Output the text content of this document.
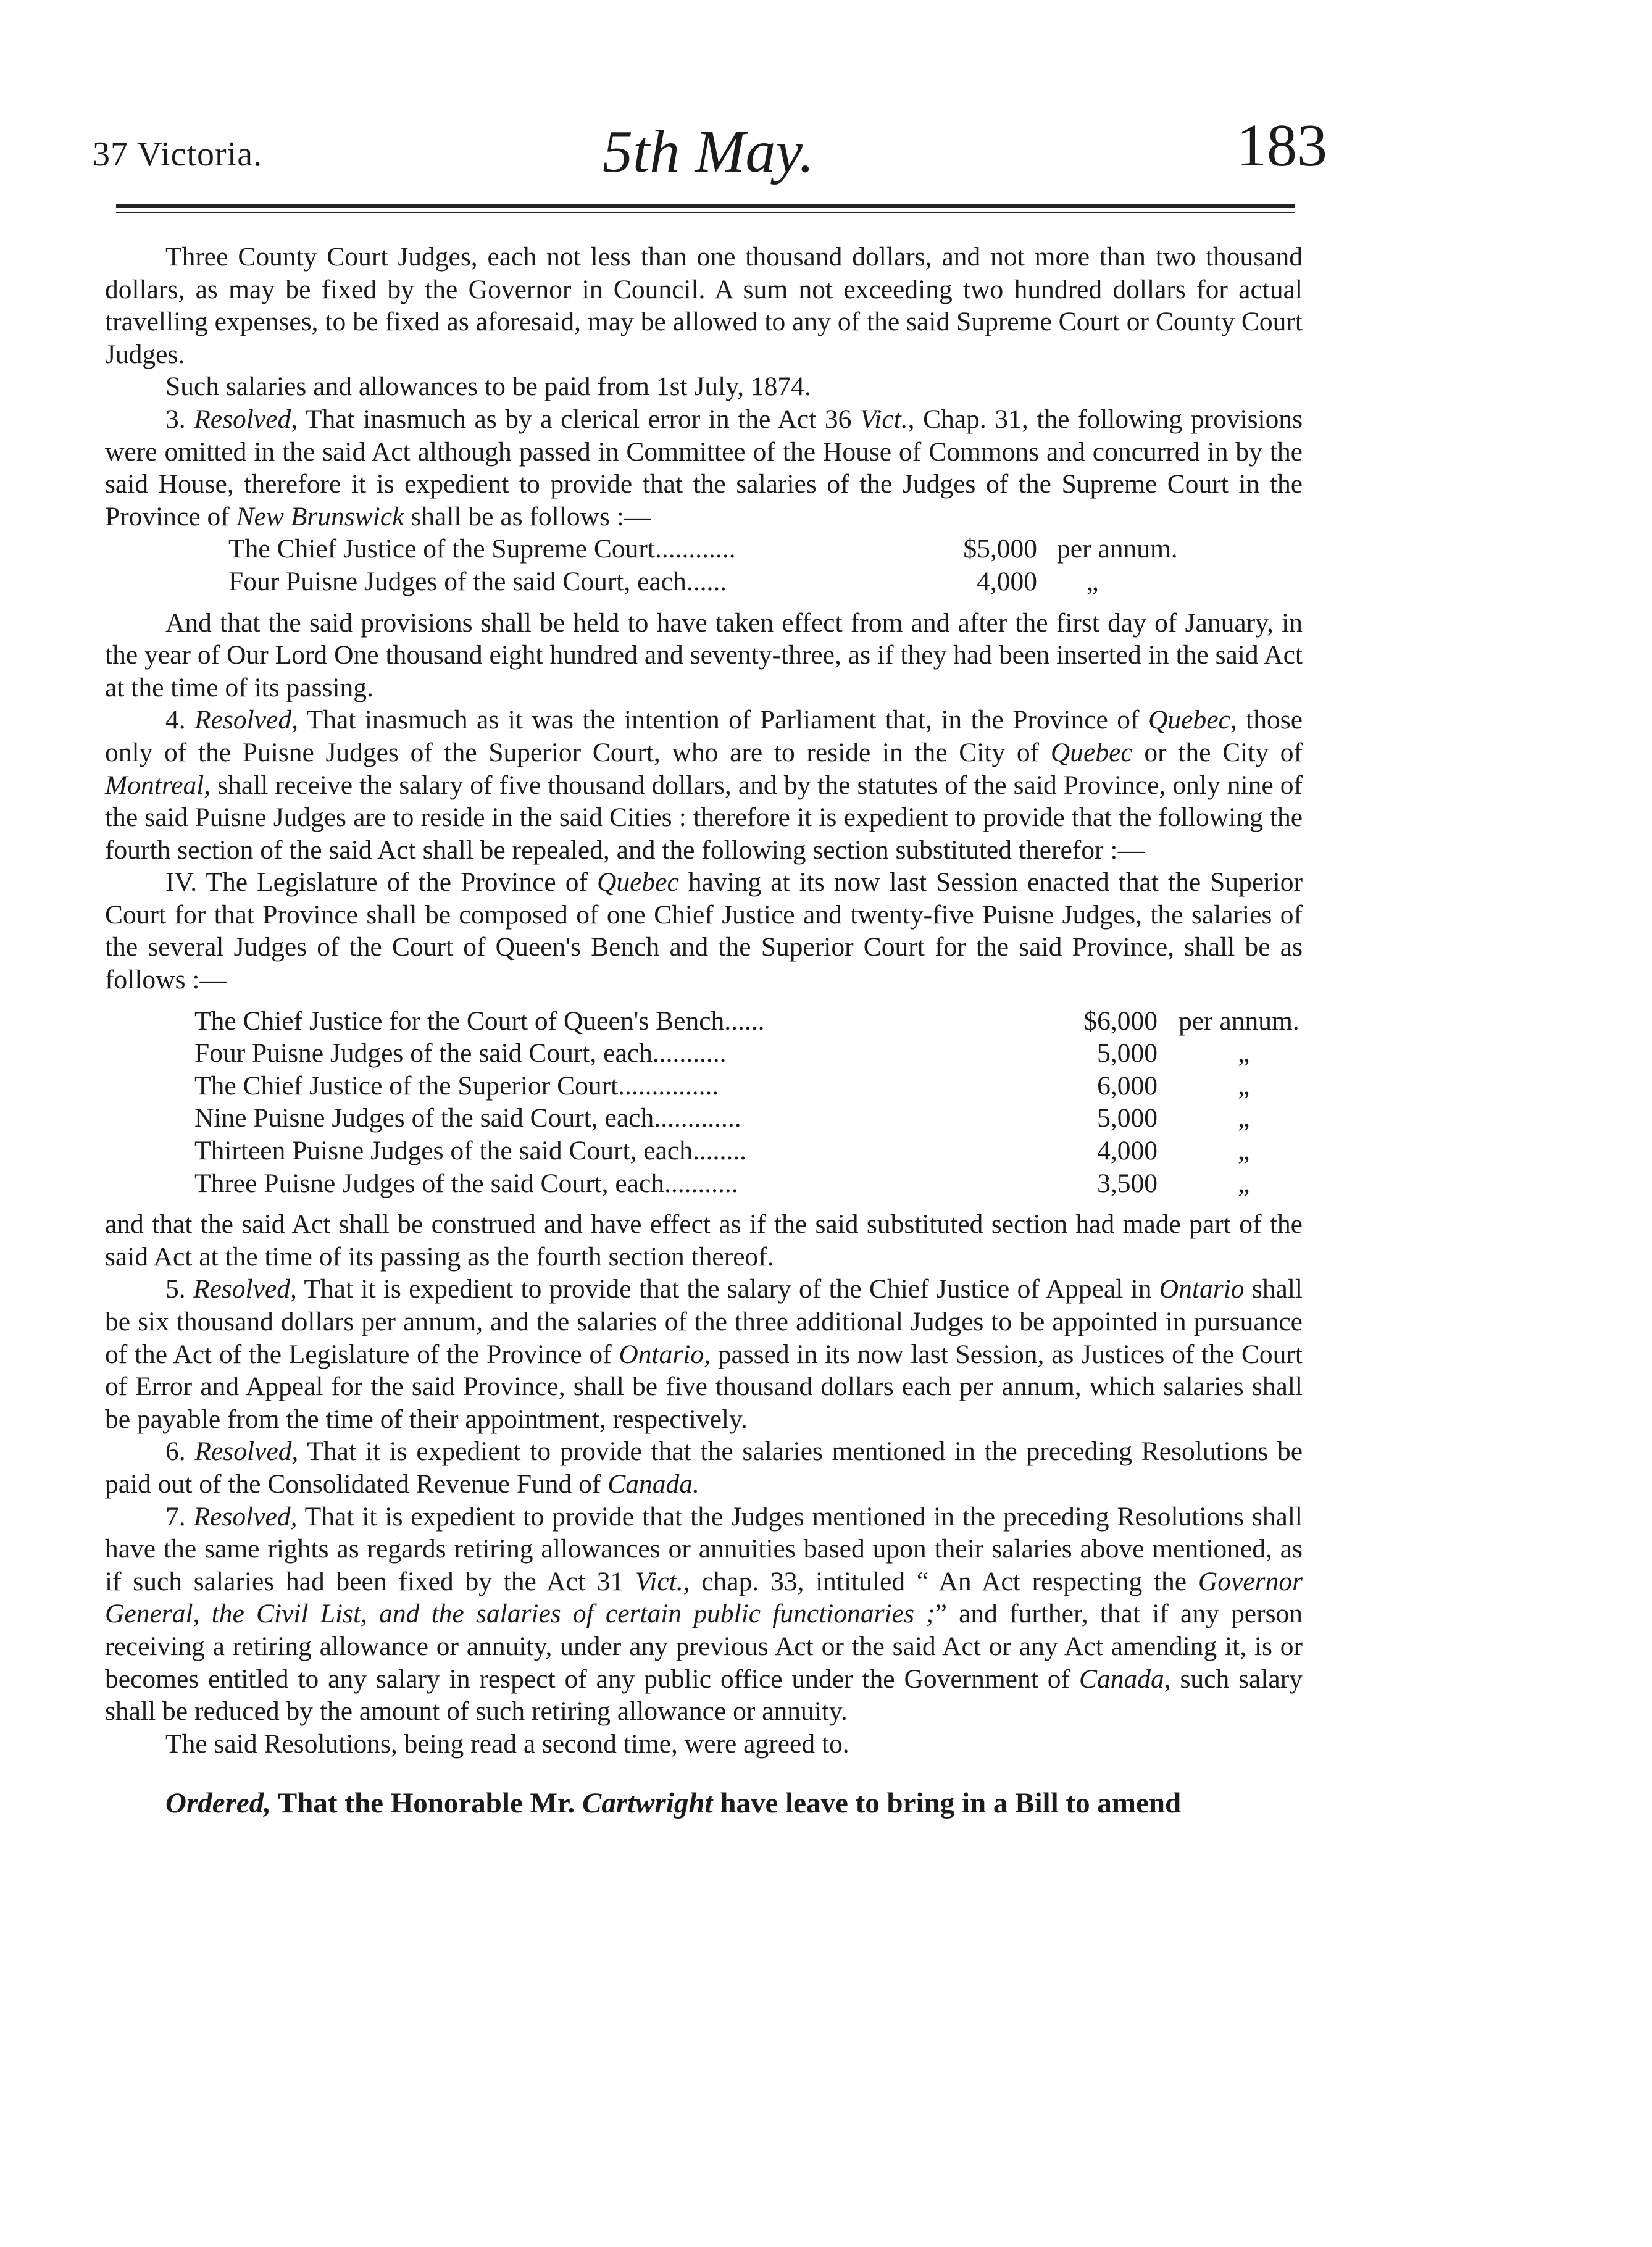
37 Victoria.	5th May.	183

Three County Court Judges, each not less than one thousand dollars, and not more than two thousand dollars, as may be fixed by the Governor in Council. A sum not exceeding two hundred dollars for actual travelling expenses, to be fixed as aforesaid, may be allowed to any of the said Supreme Court or County Court Judges.

Such salaries and allowances to be paid from 1st July, 1874.

3. Resolved, That inasmuch as by a clerical error in the Act 36 Vict., Chap. 31, the following provisions were omitted in the said Act although passed in Committee of the House of Commons and concurred in by the said House, therefore it is expedient to provide that the salaries of the Judges of the Supreme Court in the Province of New Brunswick shall be as follows :—

The Chief Justice of the Supreme Court............	$5,000 per annum.
Four Puisne Judges of the said Court, each......	4,000 „

And that the said provisions shall be held to have taken effect from and after the first day of January, in the year of Our Lord One thousand eight hundred and seventy-three, as if they had been inserted in the said Act at the time of its passing.

4. Resolved, That inasmuch as it was the intention of Parliament that, in the Province of Quebec, those only of the Puisne Judges of the Superior Court, who are to reside in the City of Quebec or the City of Montreal, shall receive the salary of five thousand dollars, and by the statutes of the said Province, only nine of the said Puisne Judges are to reside in the said Cities : therefore it is expedient to provide that the following the fourth section of the said Act shall be repealed, and the following section substituted therefor :—

IV. The Legislature of the Province of Quebec having at its now last Session enacted that the Superior Court for that Province shall be composed of one Chief Justice and twenty-five Puisne Judges, the salaries of the several Judges of the Court of Queen's Bench and the Superior Court for the said Province, shall be as follows :—

The Chief Justice for the Court of Queen's Bench......	$6,000 per annum.
Four Puisne Judges of the said Court, each...........	5,000	„
The Chief Justice of the Superior Court...............	6,000	„
Nine Puisne Judges of the said Court, each.............	5,000	„
Thirteen Puisne Judges of the said Court, each........	4,000	„
Three Puisne Judges of the said Court, each...........	3,500	„

and that the said Act shall be construed and have effect as if the said substituted section had made part of the said Act at the time of its passing as the fourth section thereof.

5. Resolved, That it is expedient to provide that the salary of the Chief Justice of Appeal in Ontario shall be six thousand dollars per annum, and the salaries of the three additional Judges to be appointed in pursuance of the Act of the Legislature of the Province of Ontario, passed in its now last Session, as Justices of the Court of Error and Appeal for the said Province, shall be five thousand dollars each per annum, which salaries shall be payable from the time of their appointment, respectively.

6. Resolved, That it is expedient to provide that the salaries mentioned in the preceding Resolutions be paid out of the Consolidated Revenue Fund of Canada.

7. Resolved, That it is expedient to provide that the Judges mentioned in the preceding Resolutions shall have the same rights as regards retiring allowances or annuities based upon their salaries above mentioned, as if such salaries had been fixed by the Act 31 Vict., chap. 33, intituled “ An Act respecting the Governor General, the Civil List, and the salaries of certain public functionaries ;” and further, that if any person receiving a retiring allowance or annuity, under any previous Act or the said Act or any Act amending it, is or becomes entitled to any salary in respect of any public office under the Government of Canada, such salary shall be reduced by the amount of such retiring allowance or annuity.

The said Resolutions, being read a second time, were agreed to.

Ordered, That the Honorable Mr. Cartwright have leave to bring in a Bill to amend
